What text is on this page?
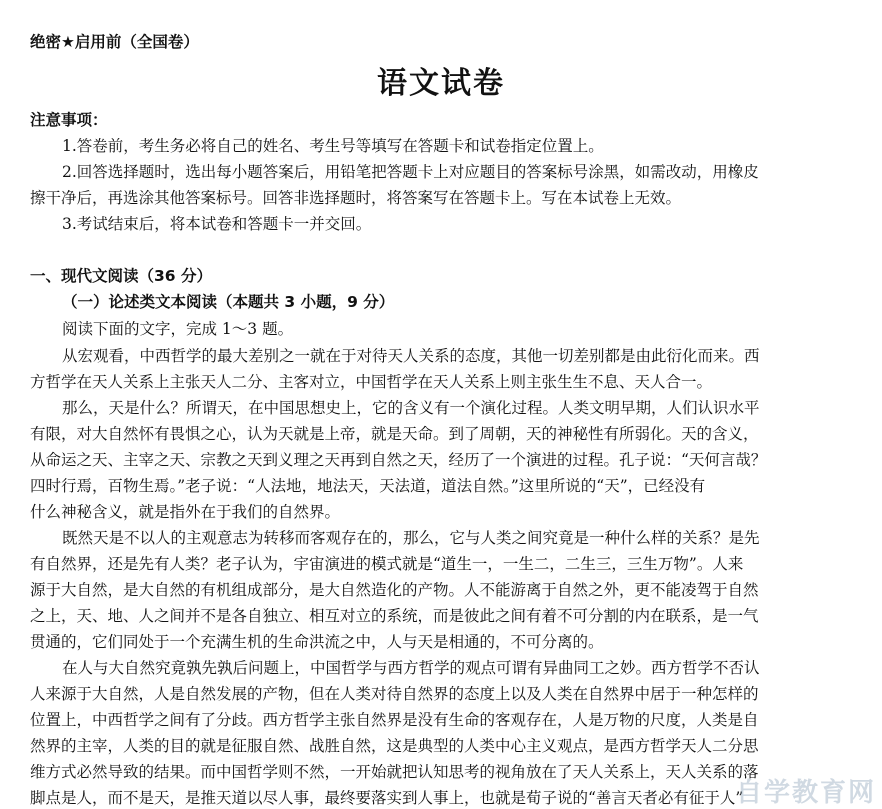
绝密★启用前（全国卷）
语文试卷
注意事项：
1.答卷前，考生务必将自己的姓名、考生号等填写在答题卡和试卷指定位置上。
2.回答选择题时，选出每小题答案后，用铅笔把答题卡上对应题目的答案标号涂黑，如需改动，用橡皮
擦干净后，再选涂其他答案标号。回答非选择题时，将答案写在答题卡上。写在本试卷上无效。
3.考试结束后，将本试卷和答题卡一并交回。
一、现代文阅读（36 分）
（一）论述类文本阅读（本题共 3 小题，9 分）
阅读下面的文字，完成 1～3 题。
从宏观看，中西哲学的最大差别之一就在于对待天人关系的态度，其他一切差别都是由此衍化而来。西
方哲学在天人关系上主张天人二分、主客对立，中国哲学在天人关系上则主张生生不息、天人合一。
那么，天是什么？所谓天，在中国思想史上，它的含义有一个演化过程。人类文明早期，人们认识水平
有限，对大自然怀有畏惧之心，认为天就是上帝，就是天命。到了周朝，天的神秘性有所弱化。天的含义，
从命运之天、主宰之天、宗教之天到义理之天再到自然之天，经历了一个演进的过程。孔子说：“天何言哉？
四时行焉，百物生焉。”老子说：“人法地，地法天，天法道，道法自然。”这里所说的“天”，已经没有
什么神秘含义，就是指外在于我们的自然界。
既然天是不以人的主观意志为转移而客观存在的，那么，它与人类之间究竟是一种什么样的关系？是先
有自然界，还是先有人类？老子认为，宇宙演进的模式就是“道生一，一生二，二生三，三生万物”。人来
源于大自然，是大自然的有机组成部分，是大自然造化的产物。人不能游离于自然之外，更不能凌驾于自然
之上，天、地、人之间并不是各自独立、相互对立的系统，而是彼此之间有着不可分割的内在联系，是一气
贯通的，它们同处于一个充满生机的生命洪流之中，人与天是相通的，不可分离的。
在人与大自然究竟孰先孰后问题上，中国哲学与西方哲学的观点可谓有异曲同工之妙。西方哲学不否认
人来源于大自然，人是自然发展的产物，但在人类对待自然界的态度上以及人类在自然界中居于一种怎样的
位置上，中西哲学之间有了分歧。西方哲学主张自然界是没有生命的客观存在，人是万物的尺度，人类是自
然界的主宰，人类的目的就是征服自然、战胜自然，这是典型的人类中心主义观点，是西方哲学天人二分思
维方式必然导致的结果。而中国哲学则不然，一开始就把认知思考的视角放在了天人关系上，天人关系的落
脚点是人，而不是天，是推天道以尽人事，最终要落实到人事上，也就是荀子说的“善言天者必有征于人”
自学教育网
